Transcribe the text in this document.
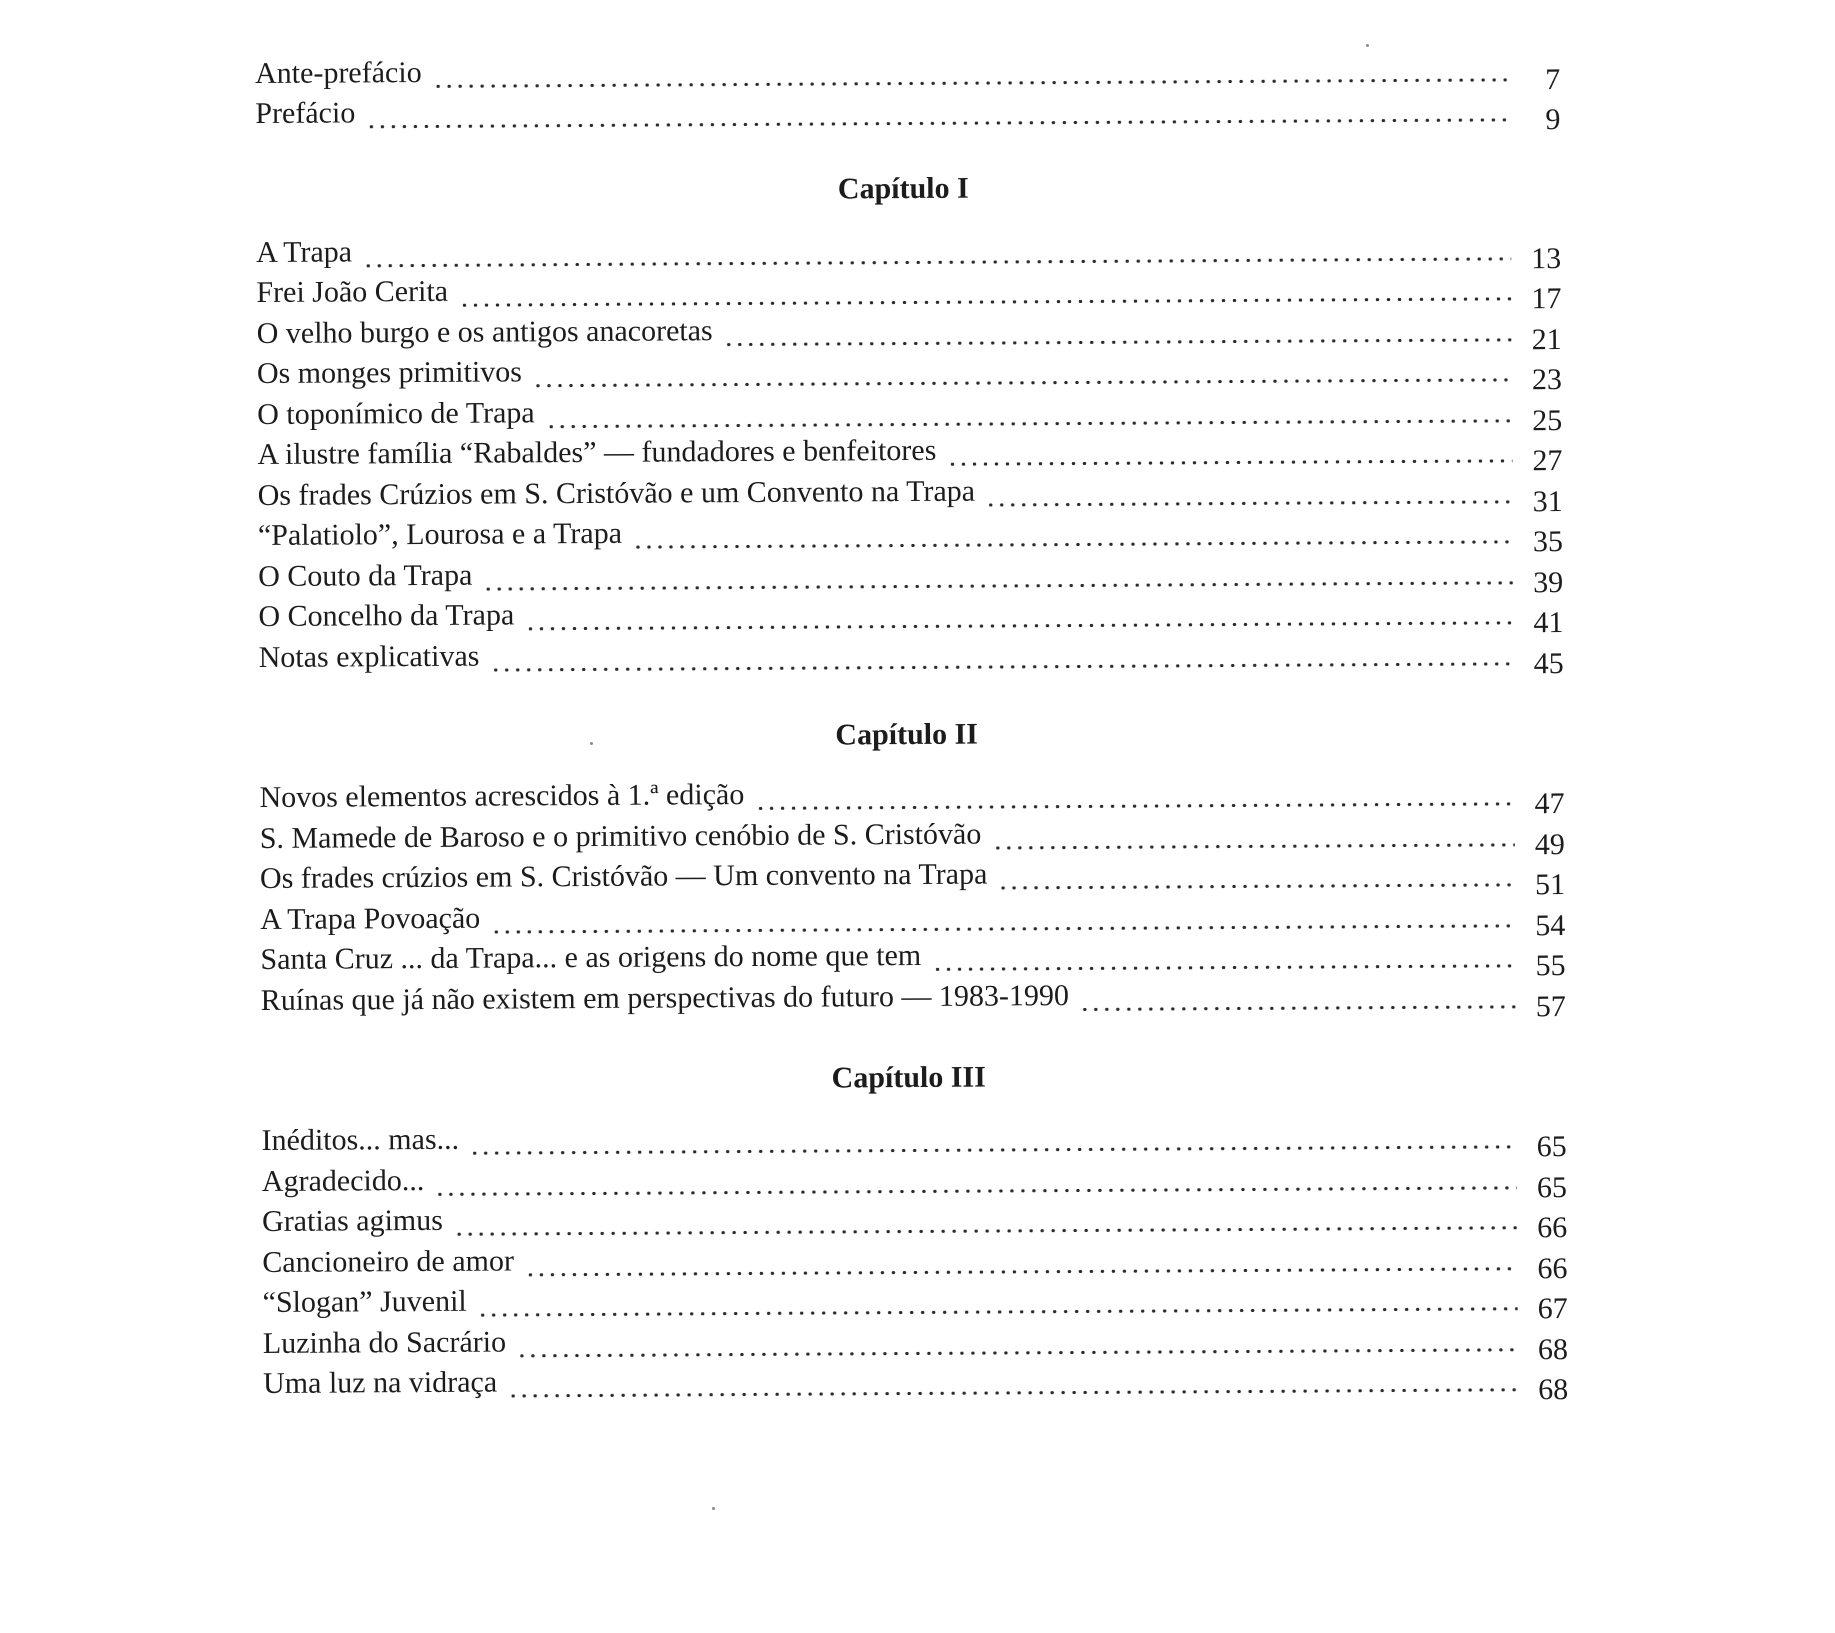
Ante-prefácio	7
Prefácio	9
Capítulo I
A Trapa	13
Frei João Cerita	17
O velho burgo e os antigos anacoretas	21
Os monges primitivos	23
O toponímico de Trapa	25
A ilustre família “Rabaldes” — fundadores e benfeitores	27
Os frades Crúzios em S. Cristóvão e um Convento na Trapa	31
“Palatiolo”, Lourosa e a Trapa	35
O Couto da Trapa	39
O Concelho da Trapa	41
Notas explicativas	45
Capítulo II
Novos elementos acrescidos à 1.ª edição	47
S. Mamede de Baroso e o primitivo cenóbio de S. Cristóvão	49
Os frades crúzios em S. Cristóvão — Um convento na Trapa	51
A Trapa Povoação	54
Santa Cruz ... da Trapa... e as origens do nome que tem	55
Ruínas que já não existem em perspectivas do futuro — 1983-1990	57
Capítulo III
Inéditos... mas...	65
Agradecido...	65
Gratias agimus	66
Cancioneiro de amor	66
“Slogan” Juvenil	67
Luzinha do Sacrário	68
Uma luz na vidraça	68
